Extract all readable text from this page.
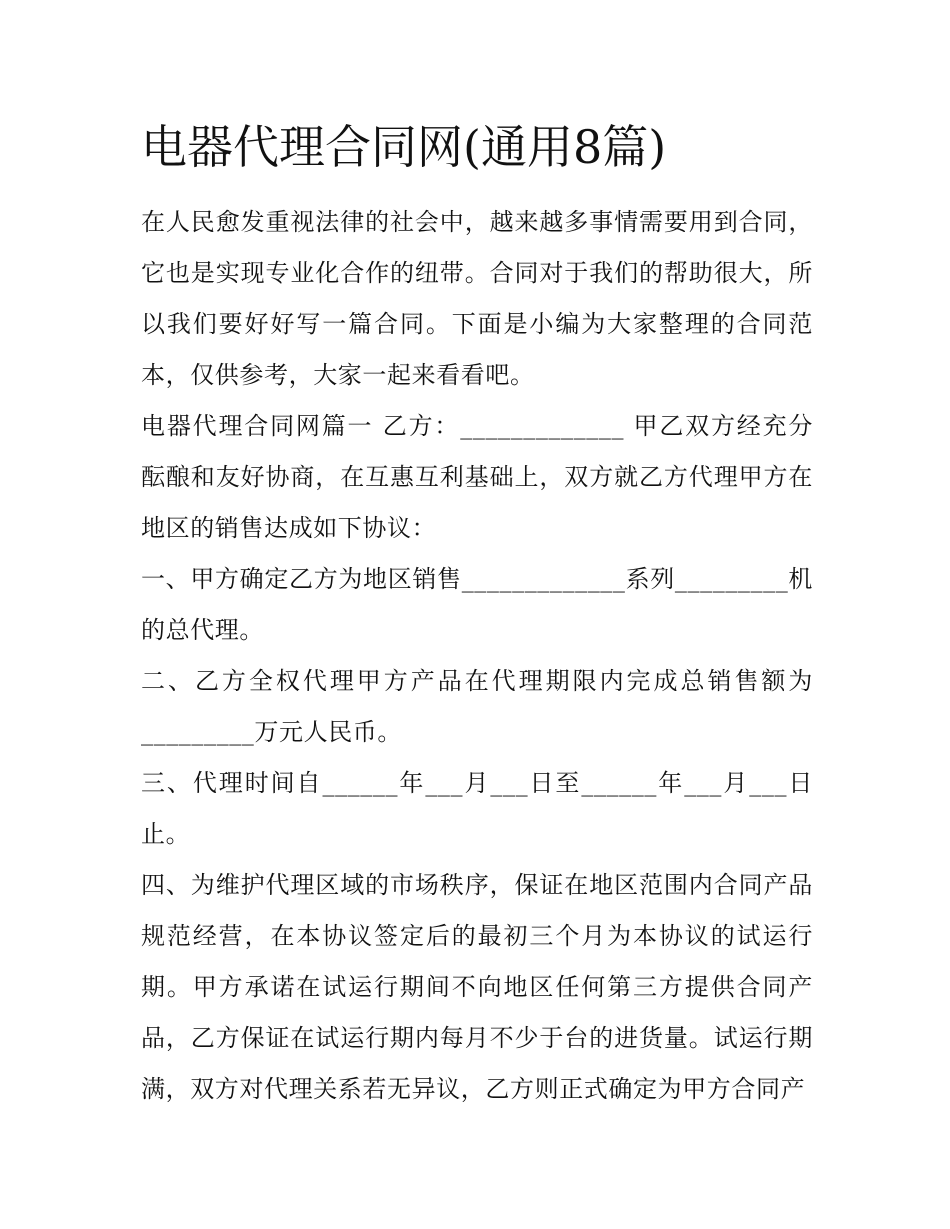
电器代理合同网(通用8篇)

在人民愈发重视法律的社会中，越来越多事情需要用到合同，它也是实现专业化合作的纽带。合同对于我们的帮助很大，所以我们要好好写一篇合同。下面是小编为大家整理的合同范本，仅供参考，大家一起来看看吧。

电器代理合同网篇一 乙方：_____________ 甲乙双方经充分酝酿和友好协商，在互惠互利基础上，双方就乙方代理甲方在地区的销售达成如下协议：

一、甲方确定乙方为地区销售_____________系列_________机的总代理。

二、乙方全权代理甲方产品在代理期限内完成总销售额为_________万元人民币。

三、代理时间自______年___月___日至______年___月___日止。

四、为维护代理区域的市场秩序，保证在地区范围内合同产品规范经营，在本协议签定后的最初三个月为本协议的试运行期。甲方承诺在试运行期间不向地区任何第三方提供合同产品，乙方保证在试运行期内每月不少于台的进货量。试运行期满，双方对代理关系若无异议，乙方则正式确定为甲方合同产
